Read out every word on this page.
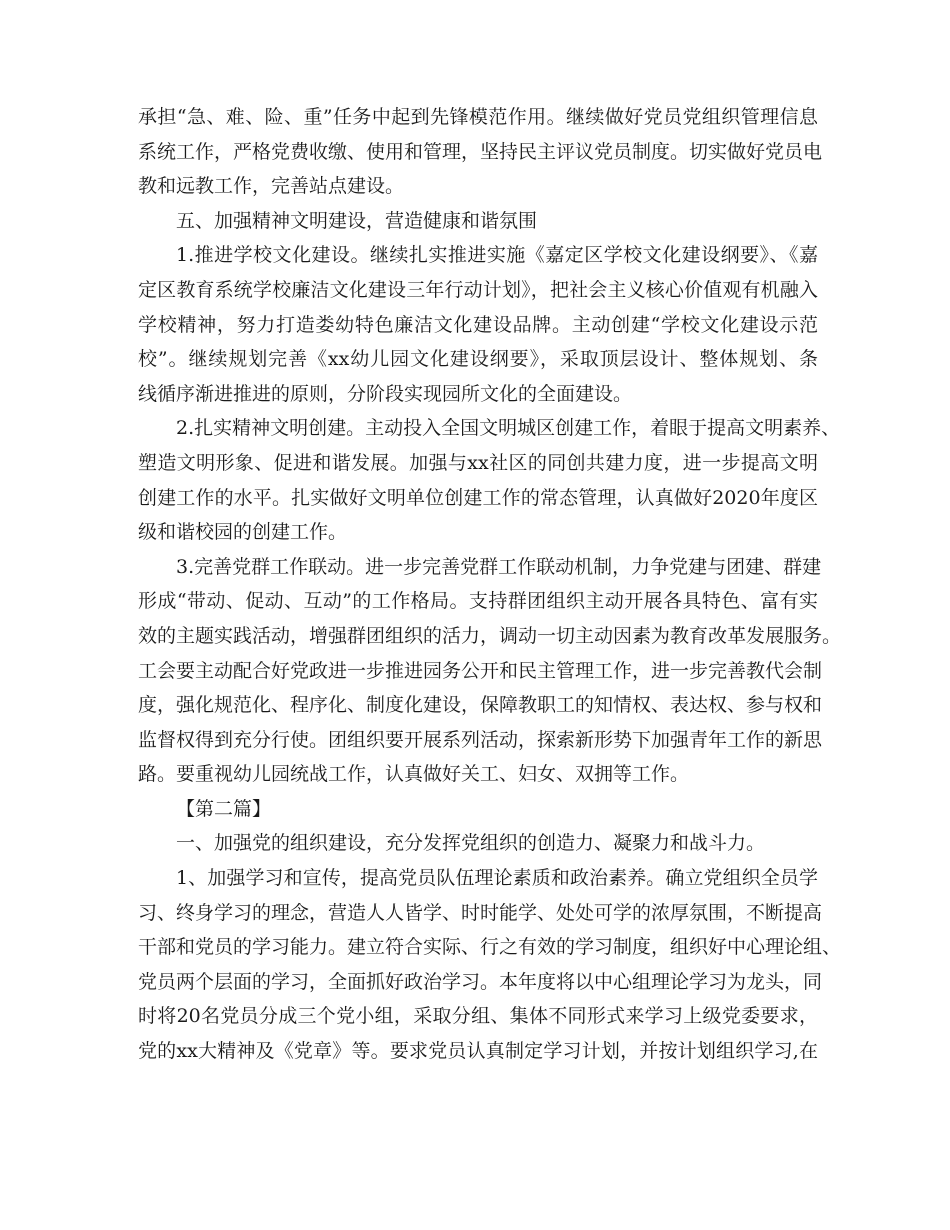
承担“急、难、险、重”任务中起到先锋模范作用。继续做好党员党组织管理信息
系统工作，严格党费收缴、使用和管理，坚持民主评议党员制度。切实做好党员电
教和远教工作，完善站点建设。
五、加强精神文明建设，营造健康和谐氛围
1.推进学校文化建设。继续扎实推进实施《嘉定区学校文化建设纲要》、《嘉
定区教育系统学校廉洁文化建设三年行动计划》，把社会主义核心价值观有机融入
学校精神，努力打造娄幼特色廉洁文化建设品牌。主动创建“学校文化建设示范
校”。继续规划完善《xx幼儿园文化建设纲要》，采取顶层设计、整体规划、条
线循序渐进推进的原则，分阶段实现园所文化的全面建设。
2.扎实精神文明创建。主动投入全国文明城区创建工作，着眼于提高文明素养、
塑造文明形象、促进和谐发展。加强与xx社区的同创共建力度，进一步提高文明
创建工作的水平。扎实做好文明单位创建工作的常态管理，认真做好2020年度区
级和谐校园的创建工作。
3.完善党群工作联动。进一步完善党群工作联动机制，力争党建与团建、群建
形成“带动、促动、互动”的工作格局。支持群团组织主动开展各具特色、富有实
效的主题实践活动，增强群团组织的活力，调动一切主动因素为教育改革发展服务。
工会要主动配合好党政进一步推进园务公开和民主管理工作，进一步完善教代会制
度，强化规范化、程序化、制度化建设，保障教职工的知情权、表达权、参与权和
监督权得到充分行使。团组织要开展系列活动，探索新形势下加强青年工作的新思
路。要重视幼儿园统战工作，认真做好关工、妇女、双拥等工作。
【第二篇】
一、加强党的组织建设，充分发挥党组织的创造力、凝聚力和战斗力。
1、加强学习和宣传，提高党员队伍理论素质和政治素养。确立党组织全员学
习、终身学习的理念，营造人人皆学、时时能学、处处可学的浓厚氛围，不断提高
干部和党员的学习能力。建立符合实际、行之有效的学习制度，组织好中心理论组、
党员两个层面的学习，全面抓好政治学习。本年度将以中心组理论学习为龙头，同
时将20名党员分成三个党小组，采取分组、集体不同形式来学习上级党委要求，
党的xx大精神及《党章》等。要求党员认真制定学习计划，并按计划组织学习,在
